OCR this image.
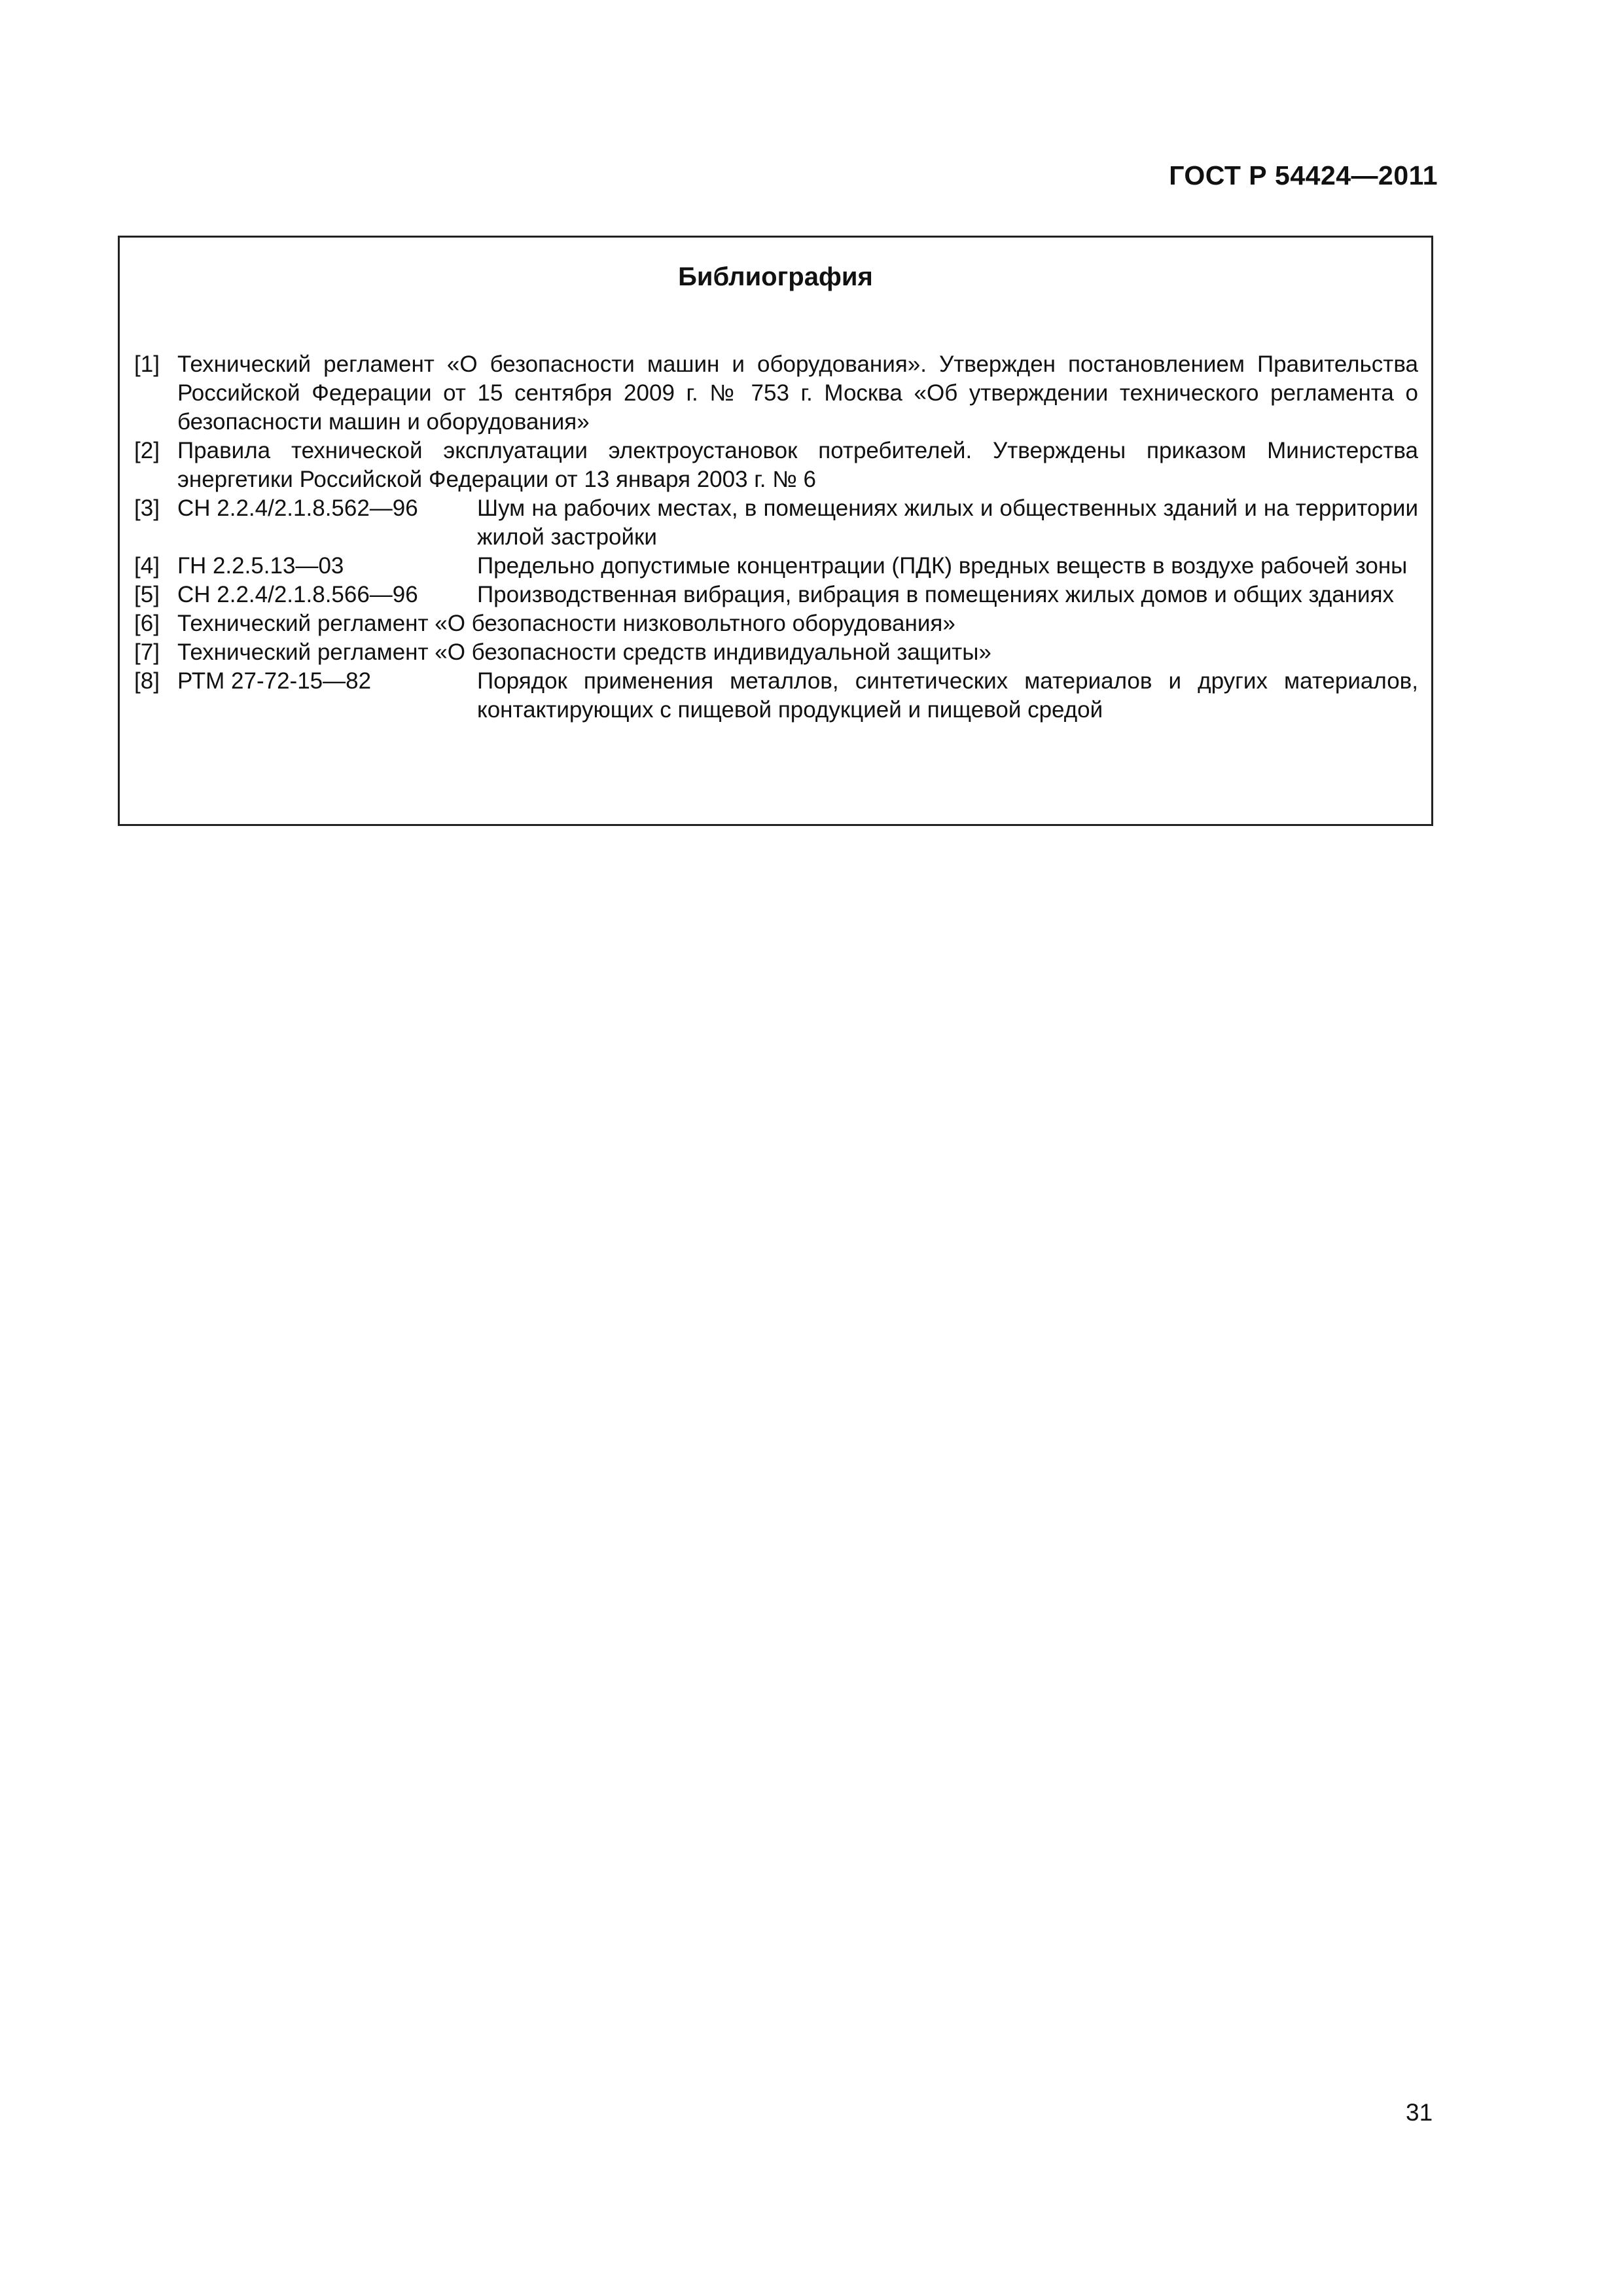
ГОСТ Р 54424—2011
Библиография
[1] Технический регламент «О безопасности машин и оборудования». Утвержден постановлением Правительства Российской Федерации от 15 сентября 2009 г. № 753 г. Москва «Об утверждении технического регламента о безопасности машин и оборудования»
[2] Правила технической эксплуатации электроустановок потребителей. Утверждены приказом Министерства энергетики Российской Федерации от 13 января 2003 г. № 6
[3] СН 2.2.4/2.1.8.562—96	Шум на рабочих местах, в помещениях жилых и общественных зданий и на территории жилой застройки
[4] ГН 2.2.5.13—03	Предельно допустимые концентрации (ПДК) вредных веществ в воздухе рабочей зоны
[5] СН 2.2.4/2.1.8.566—96	Производственная вибрация, вибрация в помещениях жилых домов и общих зданиях
[6] Технический регламент «О безопасности низковольтного оборудования»
[7] Технический регламент «О безопасности средств индивидуальной защиты»
[8] РТМ 27-72-15—82	Порядок применения металлов, синтетических материалов и других материалов, контактирующих с пищевой продукцией и пищевой средой
31
